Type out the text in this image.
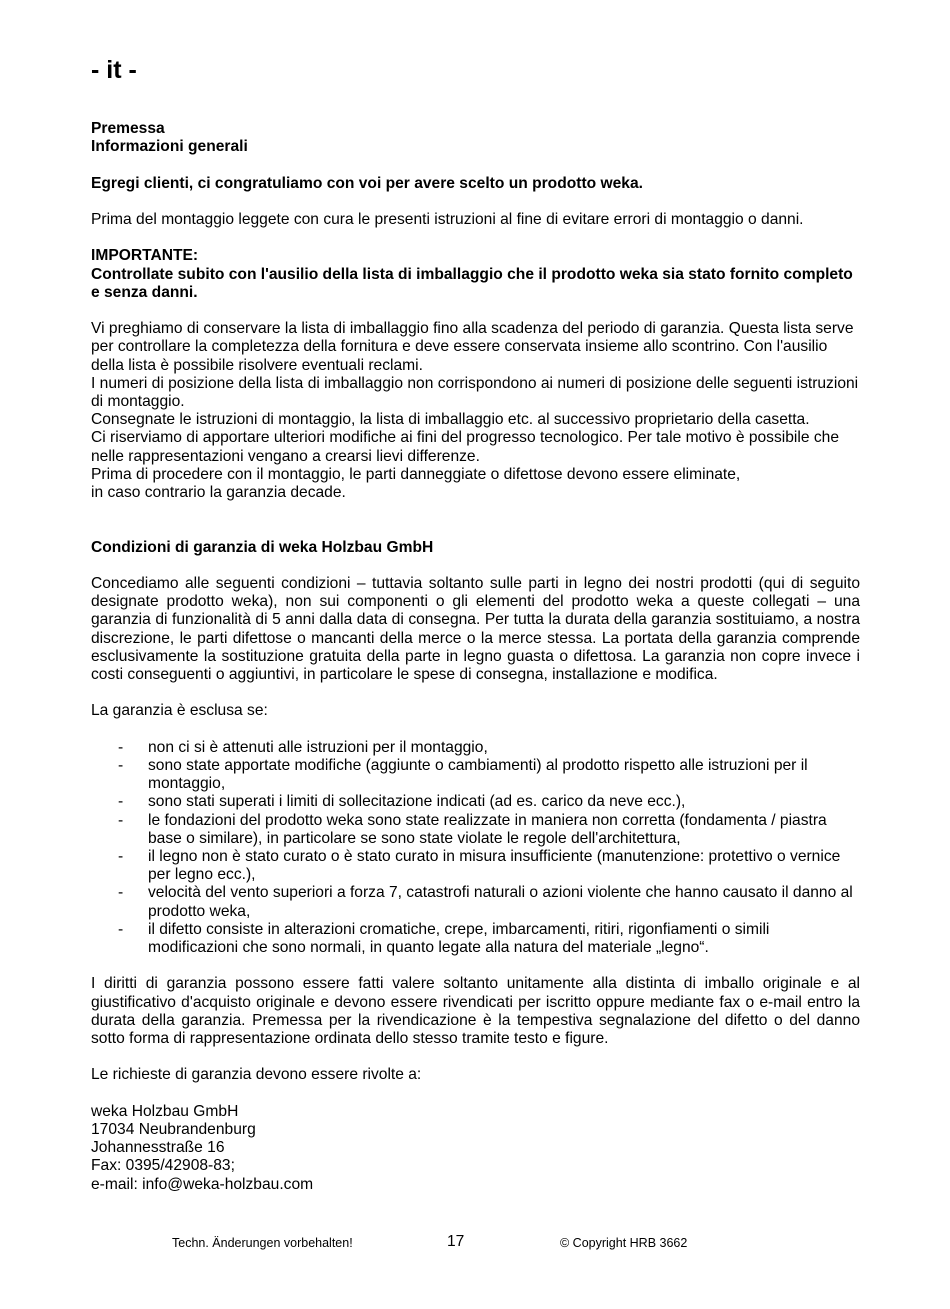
- it -

Premessa

Informazioni generali

Egregi clienti, ci congratuliamo con voi per avere scelto un prodotto weka.

Prima del montaggio leggete con cura le presenti istruzioni al fine di evitare errori di montaggio o danni.

IMPORTANTE:

Controllate subito con l'ausilio della lista di imballaggio che il prodotto weka sia stato fornito completo e senza danni.

Vi preghiamo di conservare la lista di imballaggio fino alla scadenza del periodo di garanzia. Questa lista serve per controllare la completezza della fornitura e deve essere conservata insieme allo scontrino. Con l'ausilio della lista è possibile risolvere eventuali reclami.

I numeri di posizione della lista di imballaggio non corrispondono ai numeri di posizione delle seguenti istruzioni di montaggio.

Consegnate le istruzioni di montaggio, la lista di imballaggio etc. al successivo proprietario della casetta.

Ci riserviamo di apportare ulteriori modifiche ai fini del progresso tecnologico. Per tale motivo è possibile che nelle rappresentazioni vengano a crearsi lievi differenze.

Prima di procedere con il montaggio, le parti danneggiate o difettose devono essere eliminate,

in caso contrario la garanzia decade.

Condizioni di garanzia di weka Holzbau GmbH

Concediamo alle seguenti condizioni – tuttavia soltanto sulle parti in legno dei nostri prodotti (qui di seguito designate prodotto weka), non sui componenti o gli elementi del prodotto weka a queste collegati – una garanzia di funzionalità di 5 anni dalla data di consegna. Per tutta la durata della garanzia sostituiamo, a nostra discrezione, le parti difettose o mancanti della merce o la merce stessa. La portata della garanzia comprende esclusivamente la sostituzione gratuita della parte in legno guasta o difettosa. La garanzia non copre invece i costi conseguenti o aggiuntivi, in particolare le spese di consegna, installazione e modifica.

La garanzia è esclusa se:

- non ci si è attenuti alle istruzioni per il montaggio,
- sono state apportate modifiche (aggiunte o cambiamenti) al prodotto rispetto alle istruzioni per il montaggio,
- sono stati superati i limiti di sollecitazione indicati (ad es. carico da neve ecc.),
- le fondazioni del prodotto weka sono state realizzate in maniera non corretta (fondamenta / piastra base o similare), in particolare se sono state violate le regole dell'architettura,
- il legno non è stato curato o è stato curato in misura insufficiente (manutenzione: protettivo o vernice per legno ecc.),
- velocità del vento superiori a forza 7, catastrofi naturali o azioni violente che hanno causato il danno al prodotto weka,
- il difetto consiste in alterazioni cromatiche, crepe, imbarcamenti, ritiri, rigonfiamenti o simili modificazioni che sono normali, in quanto legate alla natura del materiale „legno“.

I diritti di garanzia possono essere fatti valere soltanto unitamente alla distinta di imballo originale e al giustificativo d'acquisto originale e devono essere rivendicati per iscritto oppure mediante fax o e-mail entro la durata della garanzia. Premessa per la rivendicazione è la tempestiva segnalazione del difetto o del danno sotto forma di rappresentazione ordinata dello stesso tramite testo e figure.

Le richieste di garanzia devono essere rivolte a:

weka Holzbau GmbH

17034 Neubrandenburg

Johannesstraße 16

Fax: 0395/42908-83;

e-mail: info@weka-holzbau.com

Techn. Änderungen vorbehalten!	17	© Copyright HRB 3662
